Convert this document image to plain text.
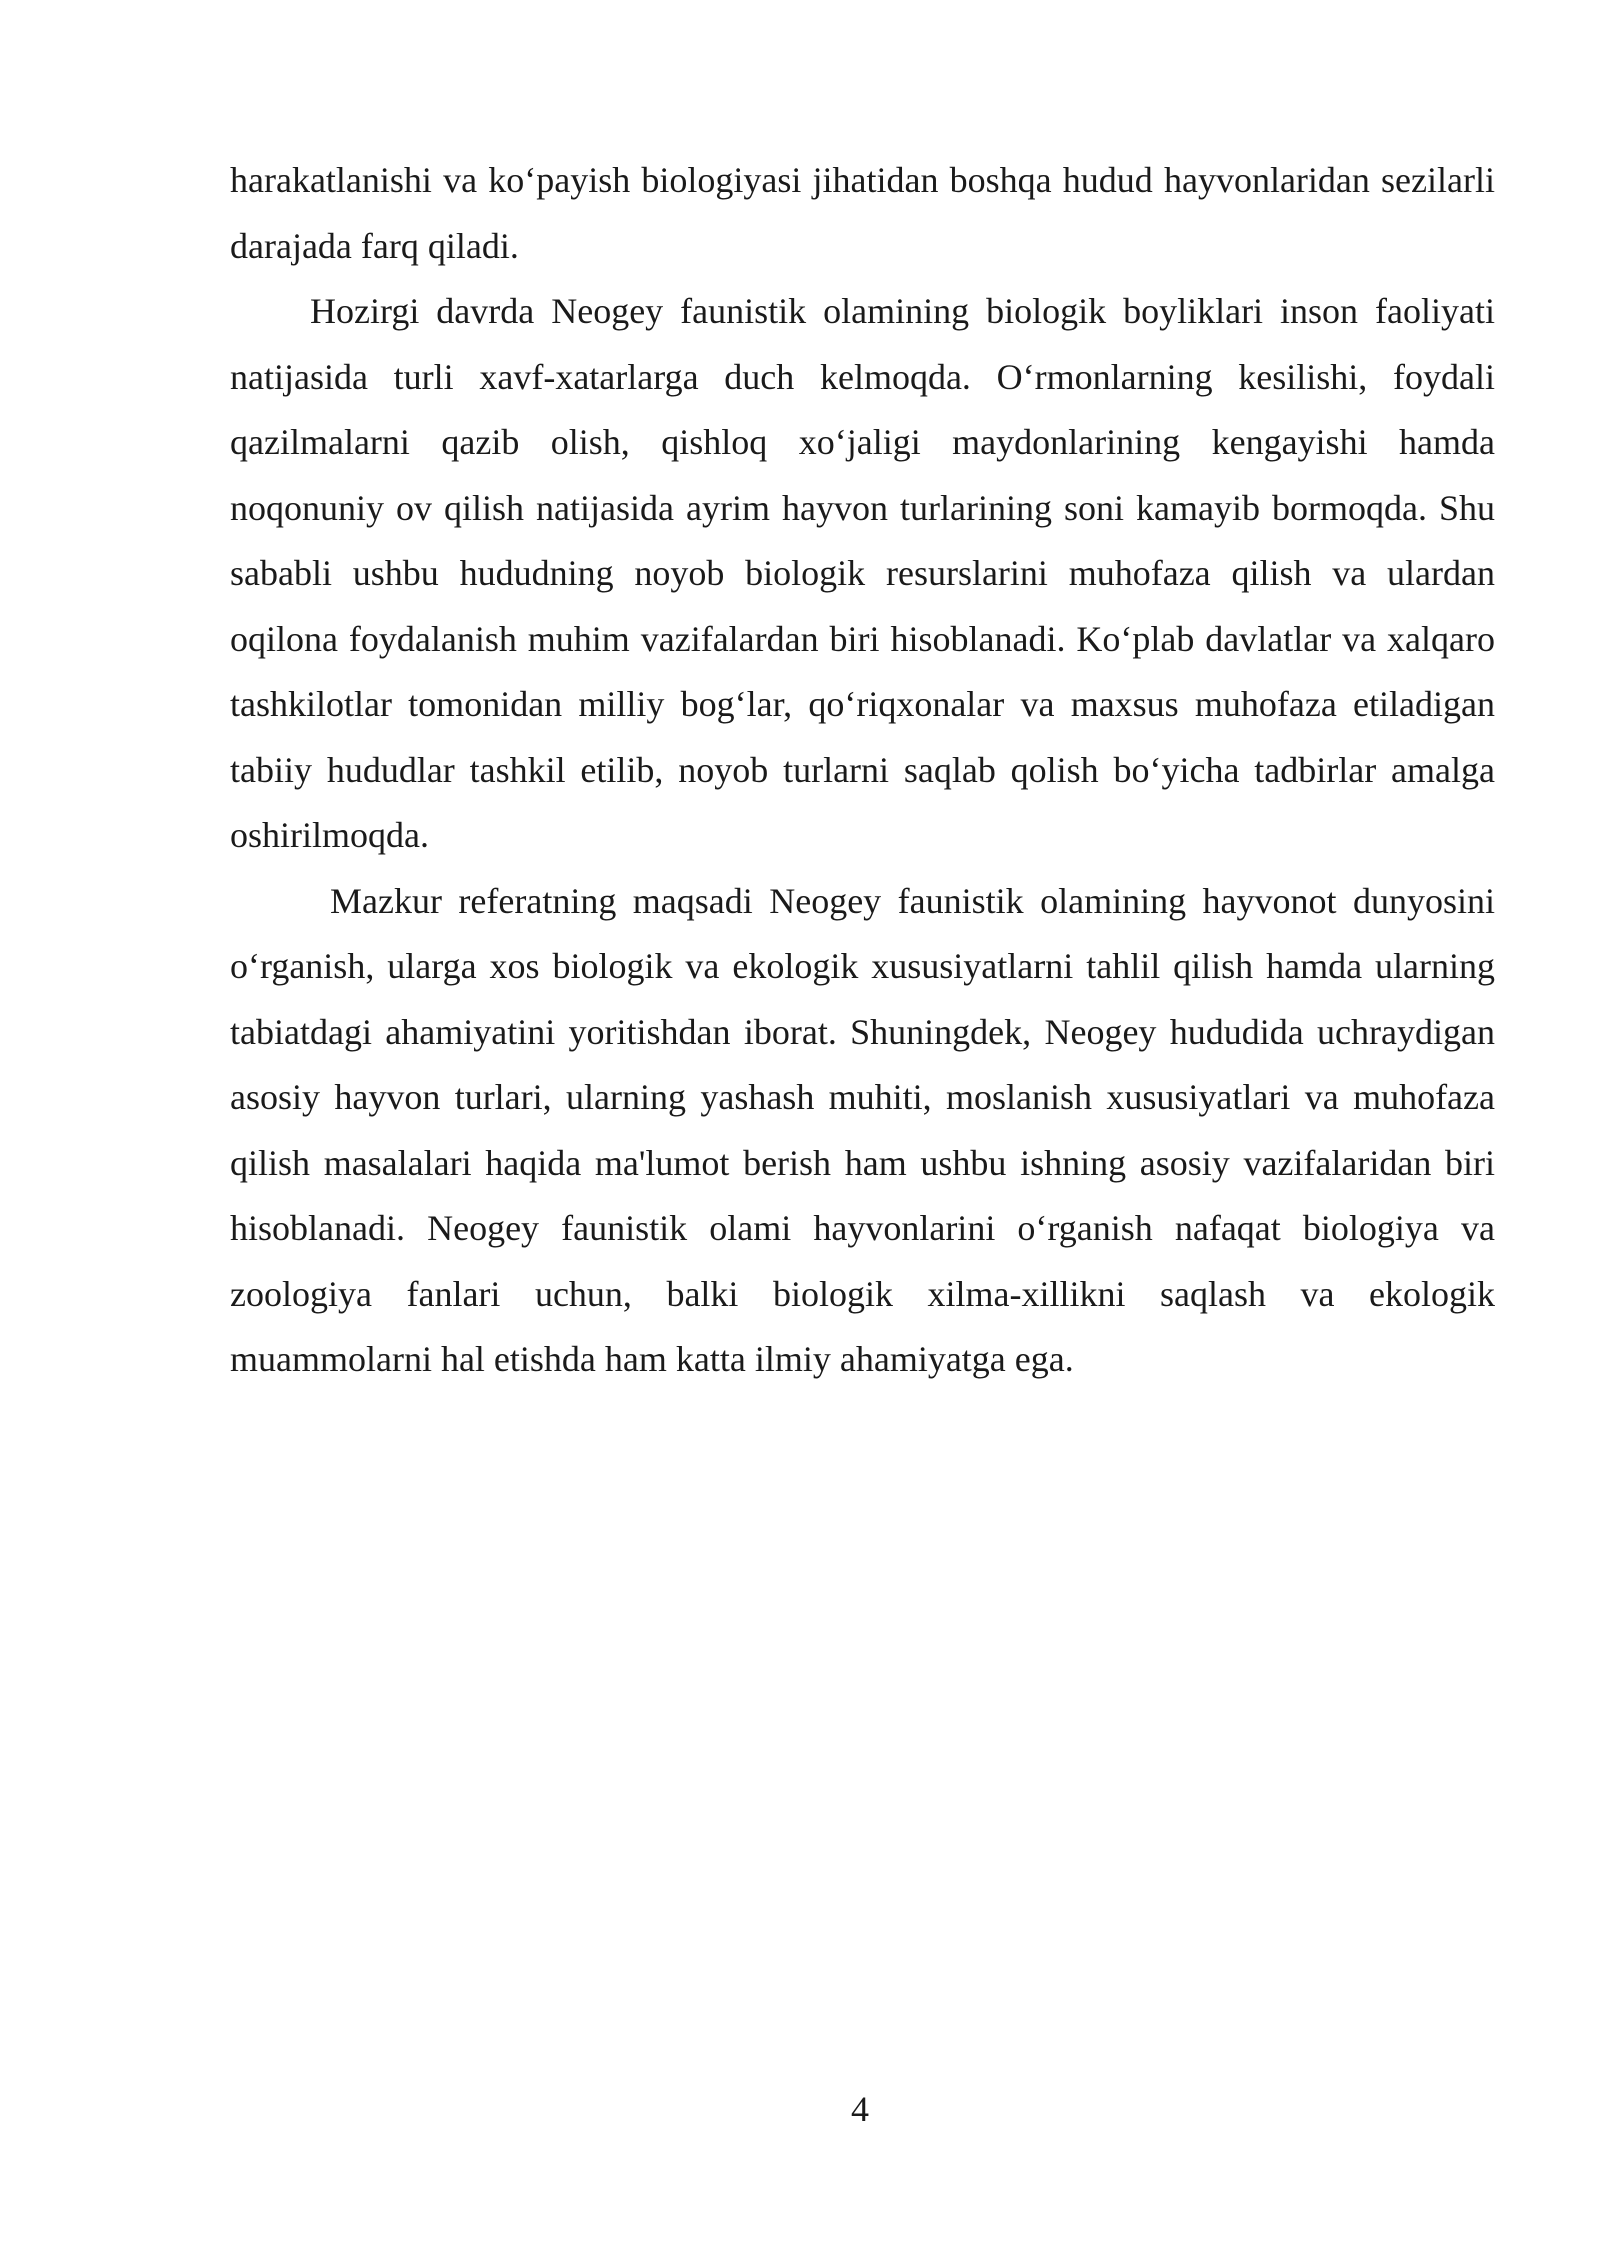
harakatlanishi va ko‘payish biologiyasi jihatidan boshqa hudud hayvonlaridan sezilarli darajada farq qiladi.

Hozirgi davrda Neogey faunistik olamining biologik boyliklari inson faoliyati natijasida turli xavf-xatarlarga duch kelmoqda. O‘rmonlarning kesilishi, foydali qazilmalarni qazib olish, qishloq xo‘jaligi maydonlarining kengayishi hamda noqonuniy ov qilish natijasida ayrim hayvon turlarining soni kamayib bormoqda. Shu sababli ushbu hududning noyob biologik resurslarini muhofaza qilish va ulardan oqilona foydalanish muhim vazifalardan biri hisoblanadi. Ko‘plab davlatlar va xalqaro tashkilotlar tomonidan milliy bog‘lar, qo‘riqxonalar va maxsus muhofaza etiladigan tabiiy hududlar tashkil etilib, noyob turlarni saqlab qolish bo‘yicha tadbirlar amalga oshirilmoqda.

Mazkur referatning maqsadi Neogey faunistik olamining hayvonot dunyosini o‘rganish, ularga xos biologik va ekologik xususiyatlarni tahlil qilish hamda ularning tabiatdagi ahamiyatini yoritishdan iborat. Shuningdek, Neogey hududida uchraydigan asosiy hayvon turlari, ularning yashash muhiti, moslanish xususiyatlari va muhofaza qilish masalalari haqida ma'lumot berish ham ushbu ishning asosiy vazifalaridan biri hisoblanadi. Neogey faunistik olami hayvonlarini o‘rganish nafaqat biologiya va zoologiya fanlari uchun, balki biologik xilma-xillikni saqlash va ekologik muammolarni hal etishda ham katta ilmiy ahamiyatga ega.

4
